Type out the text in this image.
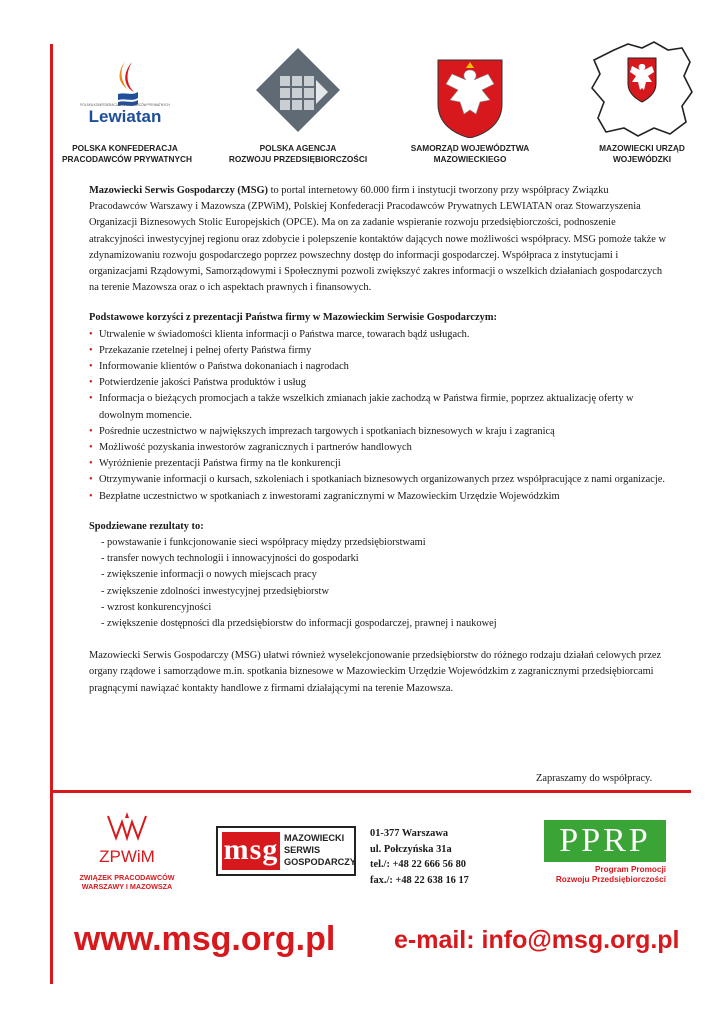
POLSKA KONFEDERACJA PRACODAWCÓW PRYWATNYCH
Lewiatan
POLSKA KONFEDERACJA
PRACODAWCÓW PRYWATNYCH
POLSKA AGENCJA
ROZWOJU PRZEDSIĘBIORCZOŚCI
SAMORZĄD WOJEWÓDZTWA
MAZOWIECKIEGO
MAZOWIECKI URZĄD
WOJEWÓDZKI

Mazowiecki Serwis Gospodarczy (MSG) to portal internetowy 60.000 firm i instytucji tworzony przy współpracy Związku Pracodawców Warszawy i Mazowsza (ZPWiM), Polskiej Konfederacji Pracodawców Prywatnych LEWIATAN oraz Stowarzyszenia Organizacji Biznesowych Stolic Europejskich (OPCE). Ma on za zadanie wspieranie rozwoju przedsiębiorczości, podnoszenie atrakcyjności inwestycyjnej regionu oraz zdobycie i polepszenie kontaktów dających nowe możliwości współpracy. MSG pomoże także w zdynamizowaniu rozwoju gospodarczego poprzez powszechny dostęp do informacji gospodarczej. Współpraca z instytucjami i organizacjami Rządowymi, Samorządowymi i Społecznymi pozwoli zwiększyć zakres informacji o wszelkich działaniach gospodarczych na terenie Mazowsza oraz o ich aspektach prawnych i finansowych.

Podstawowe korzyści z prezentacji Państwa firmy w Mazowieckim Serwisie Gospodarczym:

• Utrwalenie w świadomości klienta informacji o Państwa marce, towarach bądź usługach.
• Przekazanie rzetelnej i pełnej oferty Państwa firmy
• Informowanie klientów o Państwa dokonaniach i nagrodach
• Potwierdzenie jakości Państwa produktów i usług
• Informacja o bieżących promocjach a także wszelkich zmianach jakie zachodzą w Państwa firmie, poprzez aktualizację oferty w dowolnym momencie.
• Pośrednie uczestnictwo w największych imprezach targowych i spotkaniach biznesowych w kraju i zagranicą
• Możliwość pozyskania inwestorów zagranicznych i partnerów handlowych
• Wyróżnienie prezentacji Państwa firmy na tle konkurencji
• Otrzymywanie informacji o kursach, szkoleniach i spotkaniach biznesowych organizowanych przez współpracujące z nami organizacje.
• Bezpłatne uczestnictwo w spotkaniach z inwestorami zagranicznymi w Mazowieckim Urzędzie Wojewódzkim

Spodziewane rezultaty to:

- powstawanie i funkcjonowanie sieci współpracy między przedsiębiorstwami
- transfer nowych technologii i innowacyjności do gospodarki
- zwiększenie informacji o nowych miejscach pracy
- zwiększenie zdolności inwestycyjnej przedsiębiorstw
- wzrost konkurencyjności
- zwiększenie dostępności dla przedsiębiorstw do informacji gospodarczej, prawnej i naukowej

Mazowiecki Serwis Gospodarczy (MSG) ułatwi również wyselekcjonowanie przedsiębiorstw do różnego rodzaju działań celowych przez organy rządowe i samorządowe m.in. spotkania biznesowe w Mazowieckim Urzędzie Wojewódzkim z zagranicznymi przedsiębiorcami pragnącymi nawiązać kontakty handlowe z firmami działającymi na terenie Mazowsza.

Zapraszamy do współpracy.
ZPWiM
ZWIĄZEK PRACODAWCÓW
WARSZAWY I MAZOWSZA
msg MAZOWIECKI
SERWIS
GOSPODARCZY
01-377 Warszawa
ul. Połczyńska 31a
tel./: +48 22 666 56 80
fax./: +48 22 638 16 17
PPRP
Program Promocji
Rozwoju Przedsiębiorczości
www.msg.org.pl e-mail: info@msg.org.pl
